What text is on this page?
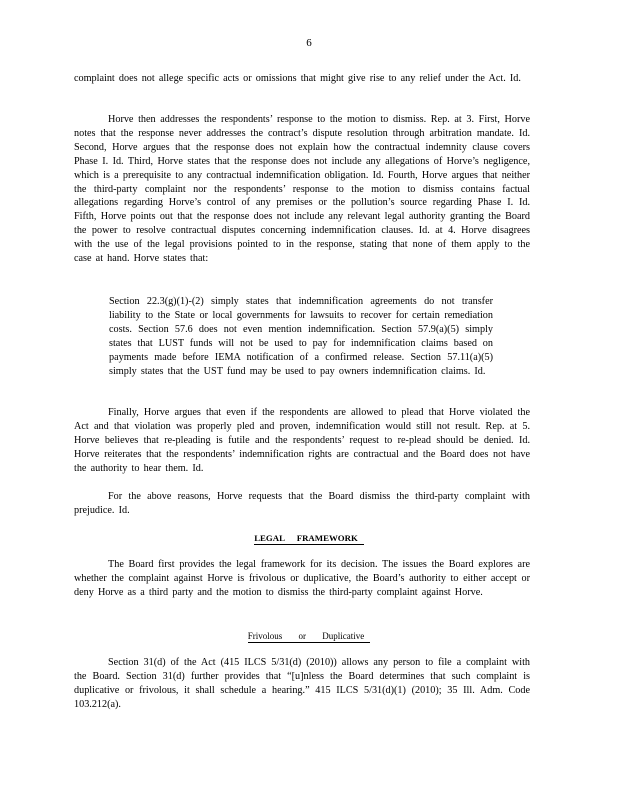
6

complaint does not allege specific acts or omissions that might give rise to any relief under the Act. Id.

Horve then addresses the respondents’ response to the motion to dismiss. Rep. at 3. First, Horve notes that the response never addresses the contract’s dispute resolution through arbitration mandate. Id. Second, Horve argues that the response does not explain how the contractual indemnity clause covers Phase I. Id. Third, Horve states that the response does not include any allegations of Horve’s negligence, which is a prerequisite to any contractual indemnification obligation. Id. Fourth, Horve argues that neither the third-party complaint nor the respondents’ response to the motion to dismiss contains factual allegations regarding Horve’s control of any premises or the pollution’s source regarding Phase I. Id. Fifth, Horve points out that the response does not include any relevant legal authority granting the Board the power to resolve contractual disputes concerning indemnification clauses. Id. at 4. Horve disagrees with the use of the legal provisions pointed to in the response, stating that none of them apply to the case at hand. Horve states that:

Section 22.3(g)(1)-(2) simply states that indemnification agreements do not transfer liability to the State or local governments for lawsuits to recover for certain remediation costs. Section 57.6 does not even mention indemnification. Section 57.9(a)(5) simply states that LUST funds will not be used to pay for indemnification claims based on payments made before IEMA notification of a confirmed release. Section 57.11(a)(5) simply states that the UST fund may be used to pay owners indemnification claims. Id.

Finally, Horve argues that even if the respondents are allowed to plead that Horve violated the Act and that violation was properly pled and proven, indemnification would still not result. Rep. at 5. Horve believes that re-pleading is futile and the respondents’ request to re-plead should be denied. Id. Horve reiterates that the respondents’ indemnification rights are contractual and the Board does not have the authority to hear them. Id.

For the above reasons, Horve requests that the Board dismiss the third-party complaint with prejudice. Id.

LEGAL FRAMEWORK

The Board first provides the legal framework for its decision. The issues the Board explores are whether the complaint against Horve is frivolous or duplicative, the Board’s authority to either accept or deny Horve as a third party and the motion to dismiss the third-party complaint against Horve.

Frivolous or Duplicative

Section 31(d) of the Act (415 ILCS 5/31(d) (2010)) allows any person to file a complaint with the Board. Section 31(d) further provides that “[u]nless the Board determines that such complaint is duplicative or frivolous, it shall schedule a hearing.” 415 ILCS 5/31(d)(1) (2010); 35 Ill. Adm. Code 103.212(a).
